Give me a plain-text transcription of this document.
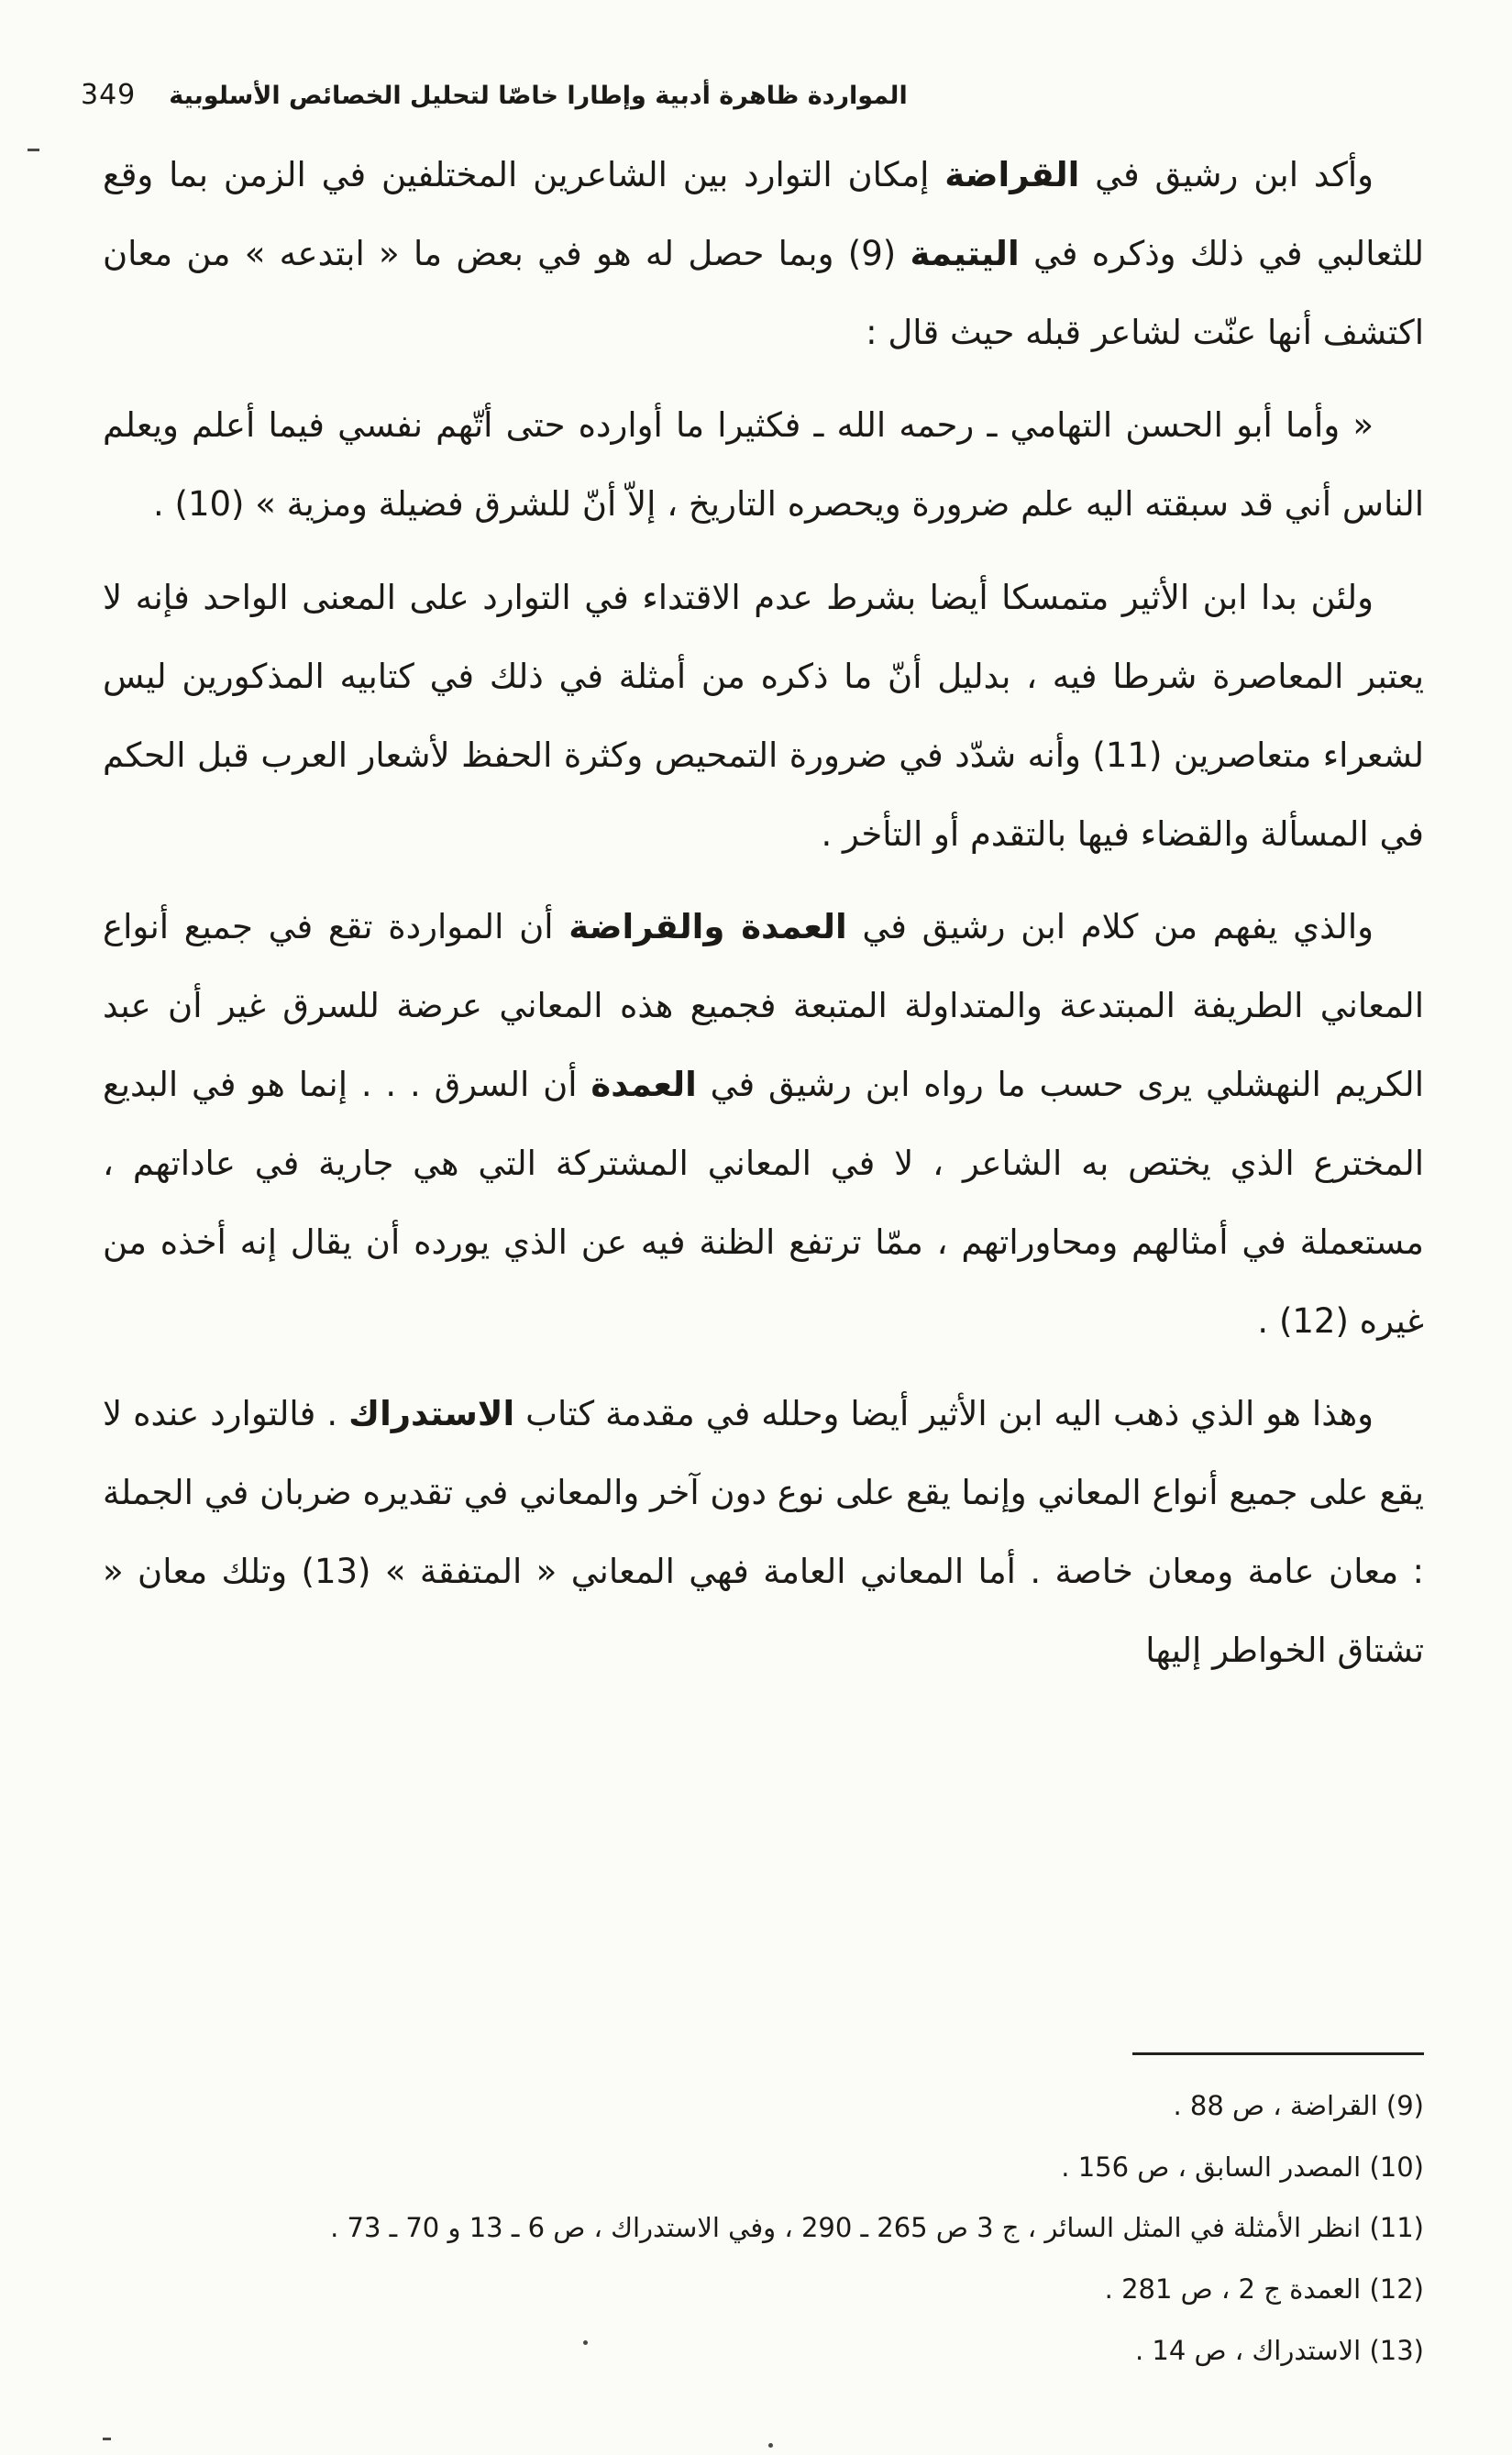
349 المواردة ظاهرة أدبية وإطارا خاصّا لتحليل الخصائص الأسلوبية

وأكد ابن رشيق في القراضة إمكان التوارد بين الشاعرين المختلفين في الزمن بما وقع للثعالبي في ذلك وذكره في اليتيمة (9) وبما حصل له هو في بعض ما « ابتدعه » من معان اكتشف أنها عنّت لشاعر قبله حيث قال :

« وأما أبو الحسن التهامي ـ رحمه الله ـ فكثيرا ما أوارده حتى أتّهم نفسي فيما أعلم ويعلم الناس أني قد سبقته اليه علم ضرورة ويحصره التاريخ ، إلاّ أنّ للشرق فضيلة ومزية » (10) .

ولئن بدا ابن الأثير متمسكا أيضا بشرط عدم الاقتداء في التوارد على المعنى الواحد فإنه لا يعتبر المعاصرة شرطا فيه ، بدليل أنّ ما ذكره من أمثلة في ذلك في كتابيه المذكورين ليس لشعراء متعاصرين (11) وأنه شدّد في ضرورة التمحيص وكثرة الحفظ لأشعار العرب قبل الحكم في المسألة والقضاء فيها بالتقدم أو التأخر .

والذي يفهم من كلام ابن رشيق في العمدة والقراضة أن المواردة تقع في جميع أنواع المعاني الطريفة المبتدعة والمتداولة المتبعة فجميع هذه المعاني عرضة للسرق غير أن عبد الكريم النهشلي يرى حسب ما رواه ابن رشيق في العمدة أن السرق . . . إنما هو في البديع المخترع الذي يختص به الشاعر ، لا في المعاني المشتركة التي هي جارية في عاداتهم ، مستعملة في أمثالهم ومحاوراتهم ، ممّا ترتفع الظنة فيه عن الذي يورده أن يقال إنه أخذه من غيره (12) .

وهذا هو الذي ذهب اليه ابن الأثير أيضا وحلله في مقدمة كتاب الاستدراك . فالتوارد عنده لا يقع على جميع أنواع المعاني وإنما يقع على نوع دون آخر والمعاني في تقديره ضربان في الجملة : معان عامة ومعان خاصة . أما المعاني العامة فهي المعاني « المتفقة » (13) وتلك معان « تشتاق الخواطر إليها

(9) القراضة ، ص 88 .
(10) المصدر السابق ، ص 156 .
(11) انظر الأمثلة في المثل السائر ، ج 3 ص 265 ـ 290 ، وفي الاستدراك ، ص 6 ـ 13 و 70 ـ 73 .
(12) العمدة ج 2 ، ص 281 .
(13) الاستدراك ، ص 14 .
